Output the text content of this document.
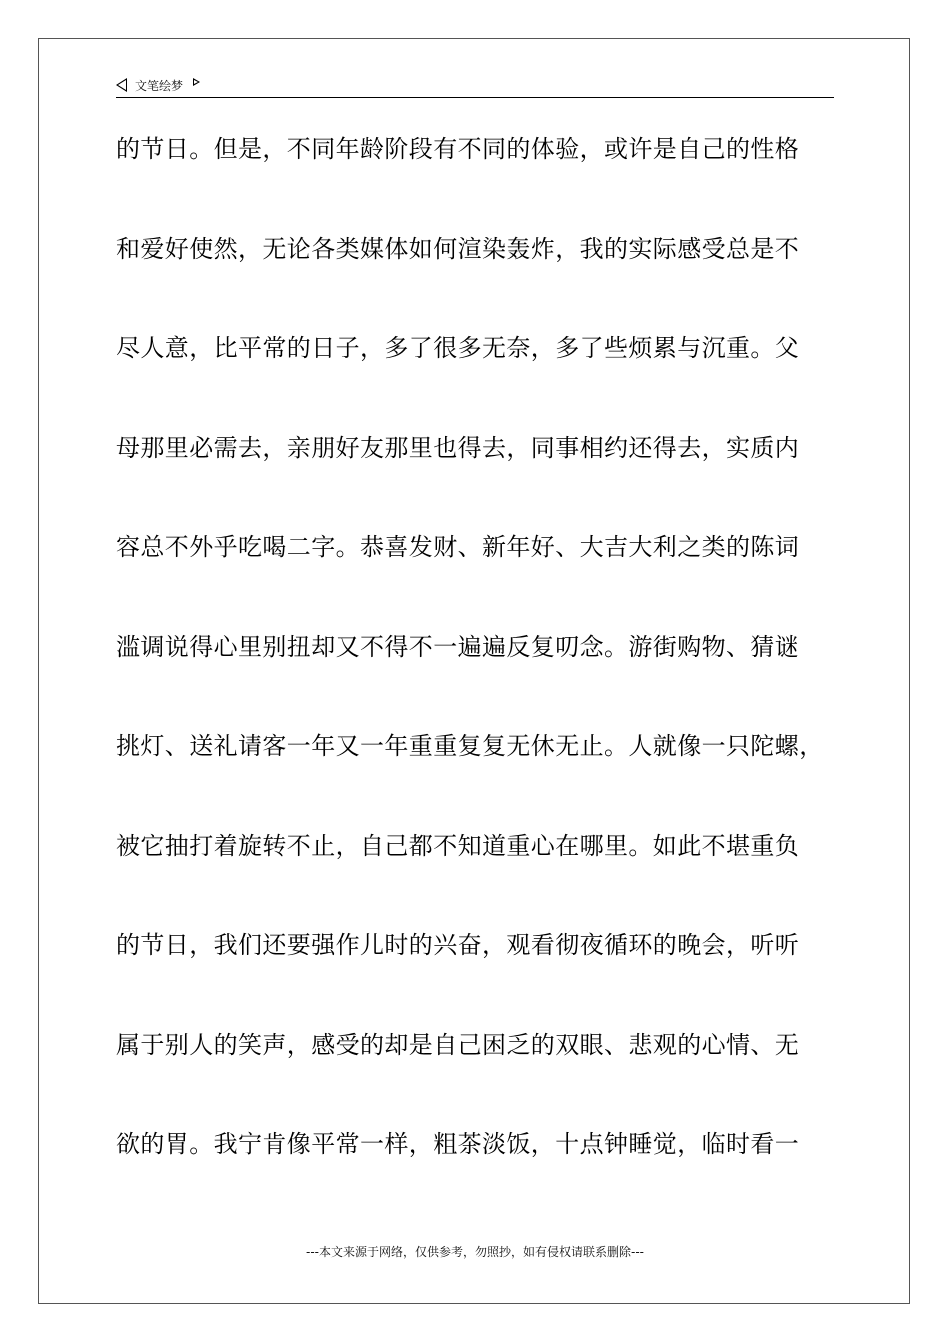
文笔绘梦
的节日。但是，不同年龄阶段有不同的体验，或许是自己的性格
和爱好使然，无论各类媒体如何渲染轰炸，我的实际感受总是不
尽人意，比平常的日子，多了很多无奈，多了些烦累与沉重。父
母那里必需去，亲朋好友那里也得去，同事相约还得去，实质内
容总不外乎吃喝二字。恭喜发财、新年好、大吉大利之类的陈词
滥调说得心里别扭却又不得不一遍遍反复叨念。游街购物、猜谜
挑灯、送礼请客一年又一年重重复复无休无止。人就像一只陀螺，
被它抽打着旋转不止，自己都不知道重心在哪里。如此不堪重负
的节日，我们还要强作儿时的兴奋，观看彻夜循环的晚会，听听
属于别人的笑声，感受的却是自己困乏的双眼、悲观的心情、无
欲的胃。我宁肯像平常一样，粗茶淡饭，十点钟睡觉，临时看一
---本文来源于网络，仅供参考，勿照抄，如有侵权请联系删除---
